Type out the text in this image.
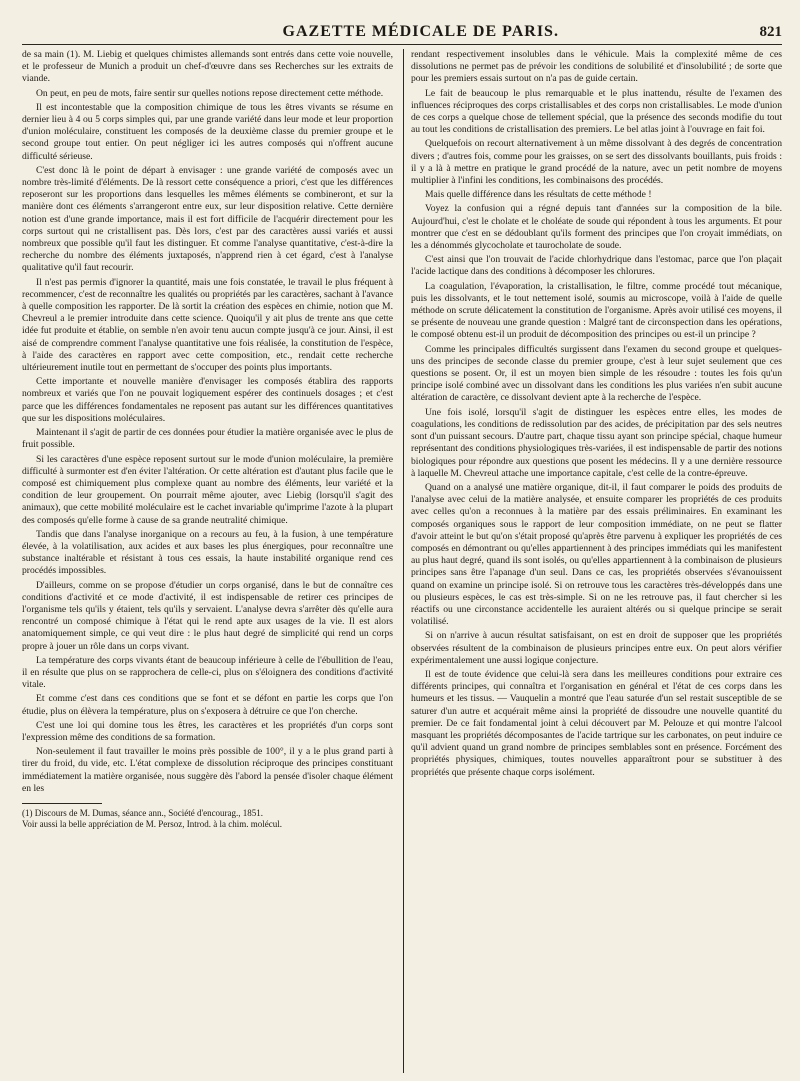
GAZETTE MÉDICALE DE PARIS.	821

de sa main (1). M. Liebig et quelques chimistes allemands sont entrés dans cette voie nouvelle, et le professeur de Munich a produit un chef-d'œuvre dans ses Recherches sur les extraits de viande.

On peut, en peu de mots, faire sentir sur quelles notions repose directement cette méthode.

Il est incontestable que la composition chimique de tous les êtres vivants se résume en dernier lieu à 4 ou 5 corps simples qui, par une grande variété dans leur mode et leur proportion d'union moléculaire, constituent les composés de la deuxième classe du premier groupe et le second groupe tout entier. On peut négliger ici les autres composés qui n'offrent aucune difficulté sérieuse.

C'est donc là le point de départ à envisager : une grande variété de composés avec un nombre très-limité d'éléments. De là ressort cette conséquence a priori, c'est que les différences reposeront sur les proportions dans lesquelles les mêmes éléments se combineront, et sur la manière dont ces éléments s'arrangeront entre eux, sur leur disposition relative. Cette dernière notion est d'une grande importance, mais il est fort difficile de l'acquérir directement pour les corps surtout qui ne cristallisent pas. Dès lors, c'est par des caractères aussi variés et aussi nombreux que possible qu'il faut les distinguer. Et comme l'analyse quantitative, c'est-à-dire la recherche du nombre des éléments juxtaposés, n'apprend rien à cet égard, c'est à l'analyse qualitative qu'il faut recourir.

Il n'est pas permis d'ignorer la quantité, mais une fois constatée, le travail le plus fréquent à recommencer, c'est de reconnaître les qualités ou propriétés par les caractères, sachant à l'avance à quelle composition les rapporter. De là sortit la création des espèces en chimie, notion que M. Chevreul a le premier introduite dans cette science. Quoiqu'il y ait plus de trente ans que cette idée fut produite et établie, on semble n'en avoir tenu aucun compte jusqu'à ce jour. Ainsi, il est aisé de comprendre comment l'analyse quantitative une fois réalisée, la constitution de l'espèce, à l'aide des caractères en rapport avec cette composition, etc., rendait cette recherche ultérieurement inutile tout en permettant de s'occuper des points plus importants.

Cette importante et nouvelle manière d'envisager les composés établira des rapports nombreux et variés que l'on ne pouvait logiquement espérer des continuels dosages ; et c'est parce que les différences fondamentales ne reposent pas autant sur les différences quantitatives que sur les dispositions moléculaires.

Maintenant il s'agit de partir de ces données pour étudier la matière organisée avec le plus de fruit possible.

Si les caractères d'une espèce reposent surtout sur le mode d'union moléculaire, la première difficulté à surmonter est d'en éviter l'altération. Or cette altération est d'autant plus facile que le composé est chimiquement plus complexe quant au nombre des éléments, leur variété et la condition de leur groupement. On pourrait même ajouter, avec Liebig (lorsqu'il s'agit des animaux), que cette mobilité moléculaire est le cachet invariable qu'imprime l'azote à la plupart des composés qu'elle forme à cause de sa grande neutralité chimique.

Tandis que dans l'analyse inorganique on a recours au feu, à la fusion, à une température élevée, à la volatilisation, aux acides et aux bases les plus énergiques, pour reconnaître une substance inaltérable et résistant à tous ces essais, la haute instabilité organique rend ces procédés impossibles.

D'ailleurs, comme on se propose d'étudier un corps organisé, dans le but de connaître ces conditions d'activité et ce mode d'activité, il est indispensable de retirer ces principes de l'organisme tels qu'ils y étaient, tels qu'ils y servaient. L'analyse devra s'arrêter dès qu'elle aura rencontré un composé chimique à l'état qui le rend apte aux usages de la vie. Il est alors anatomiquement simple, ce qui veut dire : le plus haut degré de simplicité qui rend un corps propre à jouer un rôle dans un corps vivant.

La température des corps vivants étant de beaucoup inférieure à celle de l'ébullition de l'eau, il en résulte que plus on se rapprochera de celle-ci, plus on s'éloignera des conditions d'activité vitale.

Et comme c'est dans ces conditions que se font et se défont en partie les corps que l'on étudie, plus on élèvera la température, plus on s'exposera à détruire ce que l'on cherche.

C'est une loi qui domine tous les êtres, les caractères et les propriétés d'un corps sont l'expression même des conditions de sa formation.

Non-seulement il faut travailler le moins près possible de 100°, il y a le plus grand parti à tirer du froid, du vide, etc. L'état complexe de dissolution réciproque des principes constituant immédiatement la matière organisée, nous suggère dès l'abord la pensée d'isoler chaque élément en les

(1) Discours de M. Dumas, séance ann., Société d'encourag., 1851.

Voir aussi la belle appréciation de M. Persoz, Introd. à la chim. molécul.

rendant respectivement insolubles dans le véhicule. Mais la complexité même de ces dissolutions ne permet pas de prévoir les conditions de solubilité et d'insolubilité ; de sorte que pour les premiers essais surtout on n'a pas de guide certain.

Le fait de beaucoup le plus remarquable et le plus inattendu, résulte de l'examen des influences réciproques des corps cristallisables et des corps non cristallisables. Le mode d'union de ces corps a quelque chose de tellement spécial, que la présence des seconds modifie du tout au tout les conditions de cristallisation des premiers. Le bel atlas joint à l'ouvrage en fait foi.

Quelquefois on recourt alternativement à un même dissolvant à des degrés de concentration divers ; d'autres fois, comme pour les graisses, on se sert des dissolvants bouillants, puis froids : il y a là à mettre en pratique le grand procédé de la nature, avec un petit nombre de moyens multiplier à l'infini les conditions, les combinaisons des procédés.

Mais quelle différence dans les résultats de cette méthode !

Voyez la confusion qui a régné depuis tant d'années sur la composition de la bile. Aujourd'hui, c'est le cholate et le choléate de soude qui répondent à tous les arguments. Et pour montrer que c'est en se dédoublant qu'ils forment des principes que l'on croyait immédiats, on les a dénommés glycocholate et taurocholate de soude.

C'est ainsi que l'on trouvait de l'acide chlorhydrique dans l'estomac, parce que l'on plaçait l'acide lactique dans des conditions à décomposer les chlorures.

La coagulation, l'évaporation, la cristallisation, le filtre, comme procédé tout mécanique, puis les dissolvants, et le tout nettement isolé, soumis au microscope, voilà à l'aide de quelle méthode on scrute délicatement la constitution de l'organisme. Après avoir utilisé ces moyens, il se présente de nouveau une grande question : Malgré tant de circonspection dans les opérations, le composé obtenu est-il un produit de décomposition des principes ou est-il un principe ?

Comme les principales difficultés surgissent dans l'examen du second groupe et quelques-uns des principes de seconde classe du premier groupe, c'est à leur sujet seulement que ces questions se posent. Or, il est un moyen bien simple de les résoudre : toutes les fois qu'un principe isolé combiné avec un dissolvant dans les conditions les plus variées n'en subit aucune altération de caractère, ce dissolvant devient apte à la recherche de l'espèce.

Une fois isolé, lorsqu'il s'agit de distinguer les espèces entre elles, les modes de coagulations, les conditions de redissolution par des acides, de précipitation par des sels neutres sont d'un puissant secours. D'autre part, chaque tissu ayant son principe spécial, chaque humeur représentant des conditions physiologiques très-variées, il est indispensable de partir des notions biologiques pour répondre aux questions que posent les médecins. Il y a une dernière ressource à laquelle M. Chevreul attache une importance capitale, c'est celle de la contre-épreuve.

Quand on a analysé une matière organique, dit-il, il faut comparer le poids des produits de l'analyse avec celui de la matière analysée, et ensuite comparer les propriétés de ces produits avec celles qu'on a reconnues à la matière par des essais préliminaires. En examinant les composés organiques sous le rapport de leur composition immédiate, on ne peut se flatter d'avoir atteint le but qu'on s'était proposé qu'après être parvenu à expliquer les propriétés de ces composés en démontrant ou qu'elles appartiennent à des principes immédiats qui les manifestent au plus haut degré, quand ils sont isolés, ou qu'elles appartiennent à la combinaison de plusieurs principes sans être l'apanage d'un seul. Dans ce cas, les propriétés observées s'évanouissent quand on examine un principe isolé. Si on retrouve tous les caractères très-développés dans une ou plusieurs espèces, le cas est très-simple. Si on ne les retrouve pas, il faut chercher si les réactifs ou une circonstance accidentelle les auraient altérés ou si quelque principe se serait volatilisé.

Si on n'arrive à aucun résultat satisfaisant, on est en droit de supposer que les propriétés observées résultent de la combinaison de plusieurs principes entre eux. On peut alors vérifier expérimentalement une aussi logique conjecture.

Il est de toute évidence que celui-là sera dans les meilleures conditions pour extraire ces différents principes, qui connaîtra et l'organisation en général et l'état de ces corps dans les humeurs et les tissus. — Vauquelin a montré que l'eau saturée d'un sel restait susceptible de se saturer d'un autre et acquérait même ainsi la propriété de dissoudre une nouvelle quantité du premier. De ce fait fondamental joint à celui découvert par M. Pelouze et qui montre l'alcool masquant les propriétés décomposantes de l'acide tartrique sur les carbonates, on peut induire ce qu'il advient quand un grand nombre de principes semblables sont en présence. Forcément des propriétés physiques, chimiques, toutes nouvelles apparaîtront pour se substituer à des propriétés que présente chaque corps isolément.
